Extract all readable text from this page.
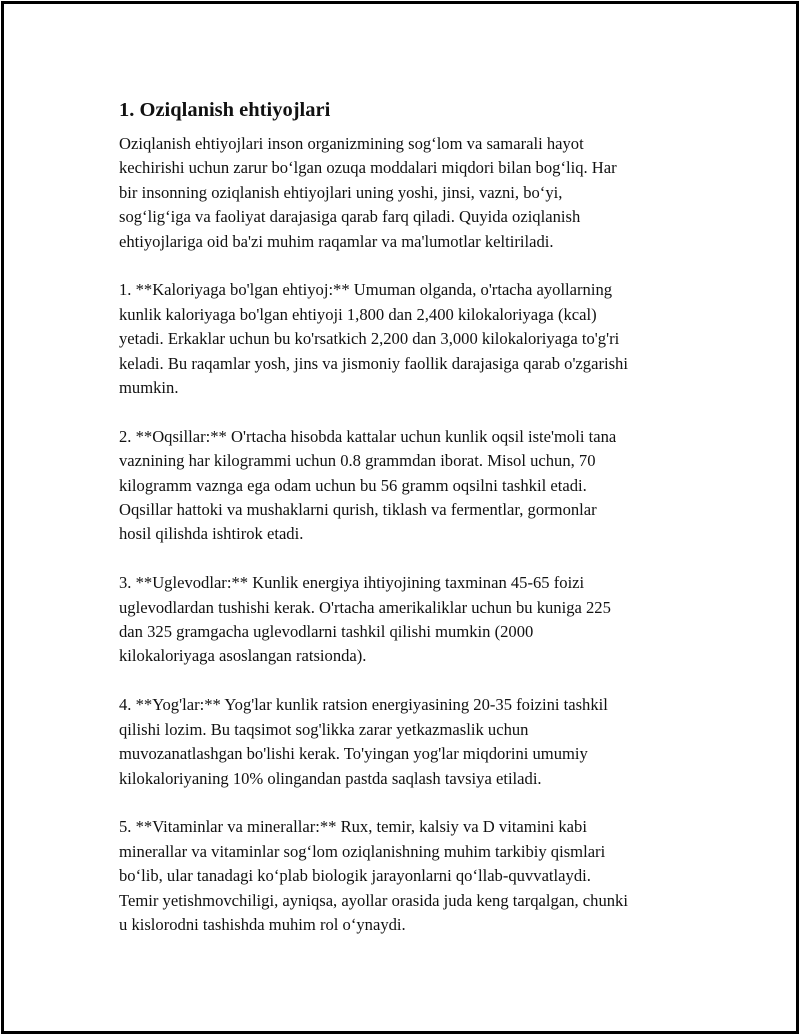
1. Oziqlanish ehtiyojlari
Oziqlanish ehtiyojlari inson organizmining sogʻlom va samarali hayot
kechirishi uchun zarur boʻlgan ozuqa moddalari miqdori bilan bogʻliq. Har
bir insonning oziqlanish ehtiyojlari uning yoshi, jinsi, vazni, boʻyi,
sogʻligʻiga va faoliyat darajasiga qarab farq qiladi. Quyida oziqlanish
ehtiyojlariga oid ba'zi muhim raqamlar va ma'lumotlar keltiriladi.
1. **Kaloriyaga bo'lgan ehtiyoj:** Umuman olganda, o'rtacha ayollarning
kunlik kaloriyaga bo'lgan ehtiyoji 1,800 dan 2,400 kilokaloriyaga (kcal)
yetadi. Erkaklar uchun bu ko'rsatkich 2,200 dan 3,000 kilokaloriyaga to'g'ri
keladi. Bu raqamlar yosh, jins va jismoniy faollik darajasiga qarab o'zgarishi
mumkin.
2. **Oqsillar:** O'rtacha hisobda kattalar uchun kunlik oqsil iste'moli tana
vaznining har kilogrammi uchun 0.8 grammdan iborat. Misol uchun, 70
kilogramm vaznga ega odam uchun bu 56 gramm oqsilni tashkil etadi.
Oqsillar hattoki va mushaklarni qurish, tiklash va fermentlar, gormonlar
hosil qilishda ishtirok etadi.
3. **Uglevodlar:** Kunlik energiya ihtiyojining taxminan 45-65 foizi
uglevodlardan tushishi kerak. O'rtacha amerikaliklar uchun bu kuniga 225
dan 325 gramgacha uglevodlarni tashkil qilishi mumkin (2000
kilokaloriyaga asoslangan ratsionda).
4. **Yog'lar:** Yog'lar kunlik ratsion energiyasining 20-35 foizini tashkil
qilishi lozim. Bu taqsimot sog'likka zarar yetkazmaslik uchun
muvozanatlashgan bo'lishi kerak. To'yingan yog'lar miqdorini umumiy
kilokaloriyaning 10% olingandan pastda saqlash tavsiya etiladi.
5. **Vitaminlar va minerallar:** Rux, temir, kalsiy va D vitamini kabi
minerallar va vitaminlar sogʻlom oziqlanishning muhim tarkibiy qismlari
boʻlib, ular tanadagi koʻplab biologik jarayonlarni qoʻllab-quvvatlaydi.
Temir yetishmovchiligi, ayniqsa, ayollar orasida juda keng tarqalgan, chunki
u kislorodni tashishda muhim rol oʻynaydi.
